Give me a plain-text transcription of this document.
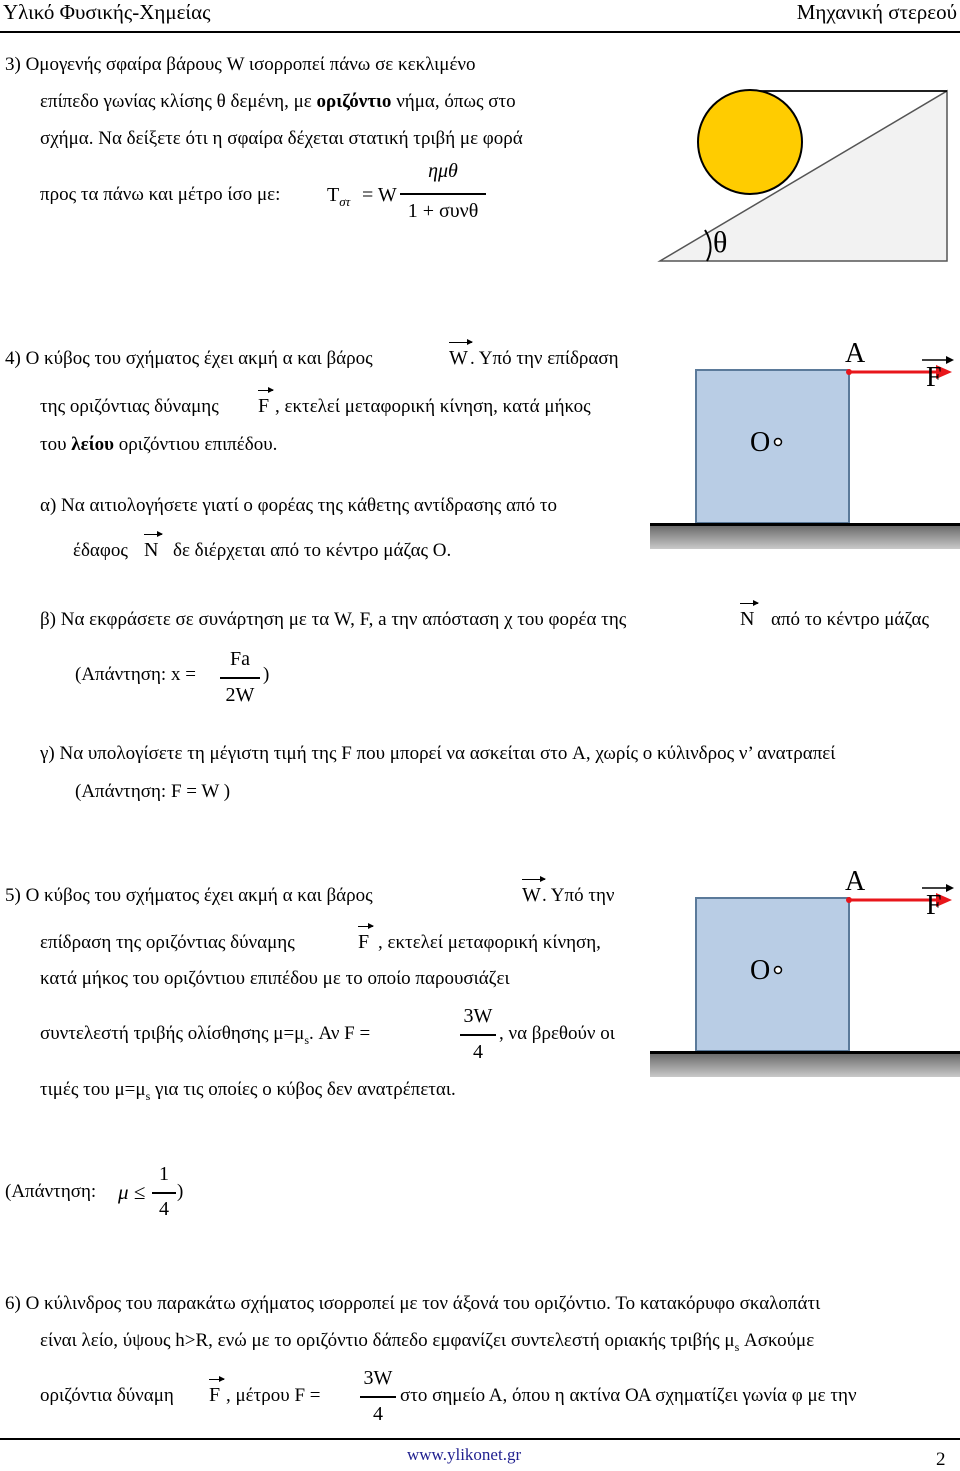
Υλικό Φυσικής-Χημείας	Μηχανική στερεού
3) Ομογενής σφαίρα βάρους W ισορροπεί πάνω σε κεκλιμένο
επίπεδο γωνίας κλίσης θ δεμένη, με οριζόντιο νήμα, όπως στο
σχήμα. Να δείξετε ότι η σφαίρα δέχεται στατική τριβή με φορά
προς τα πάνω και μέτρο ίσο με: $T_{\sigma\tau} = W$
ημθ
1 + συνθ
θ
4) Ο κύβος του σχήματος έχει ακμή α και βάρος	W . Υπό την επίδραση
της οριζόντιας δύναμης F , εκτελεί μεταφορική κίνηση, κατά μήκος
του λείου οριζόντιου επιπέδου.
α) Να αιτιολογήσετε γιατί ο φορέας της κάθετης αντίδρασης από το
έδαφος N δε διέρχεται από το κέντρο μάζας Ο.
β) Να εκφράσετε σε συνάρτηση με τα W, F, a την απόσταση χ του φορέα της	N από το κέντρο μάζας
(Απάντηση: x =
Fa
2W
)
γ) Να υπολογίσετε τη μέγιστη τιμή της F που μπορεί να ασκείται στο A, χωρίς ο κύλινδρος ν’ ανατραπεί
(Απάντηση: F = W )
A
F
O
5) Ο κύβος του σχήματος έχει ακμή α και βάρος	W . Υπό την
επίδραση της οριζόντιας δύναμης	F , εκτελεί μεταφορική κίνηση,
κατά μήκος του οριζόντιου επιπέδου με το οποίο παρουσιάζει
συντελεστή τριβής ολίσθησης $\mu=\mu_s$. Αν F =
3W
4
, να βρεθούν οι
τιμές του $\mu=\mu_s$ για τις οποίες ο κύβος δεν ανατρέπεται.
(Απάντηση: μ ≤
1
4
)
A
F
O
6) Ο κύλινδρος του παρακάτω σχήματος ισορροπεί με τον άξονά του οριζόντιο. Το κατακόρυφο σκαλοπάτι
είναι λείο, ύψους h>R, ενώ με το οριζόντιο δάπεδο εμφανίζει συντελεστή οριακής τριβής $\mu_s$ Ασκούμε
οριζόντια δύναμη F , μέτρου F =
3W
4
στο σημείο Α, όπου η ακτίνα ΟΑ σχηματίζει γωνία φ με την
www.ylikonet.gr	2
